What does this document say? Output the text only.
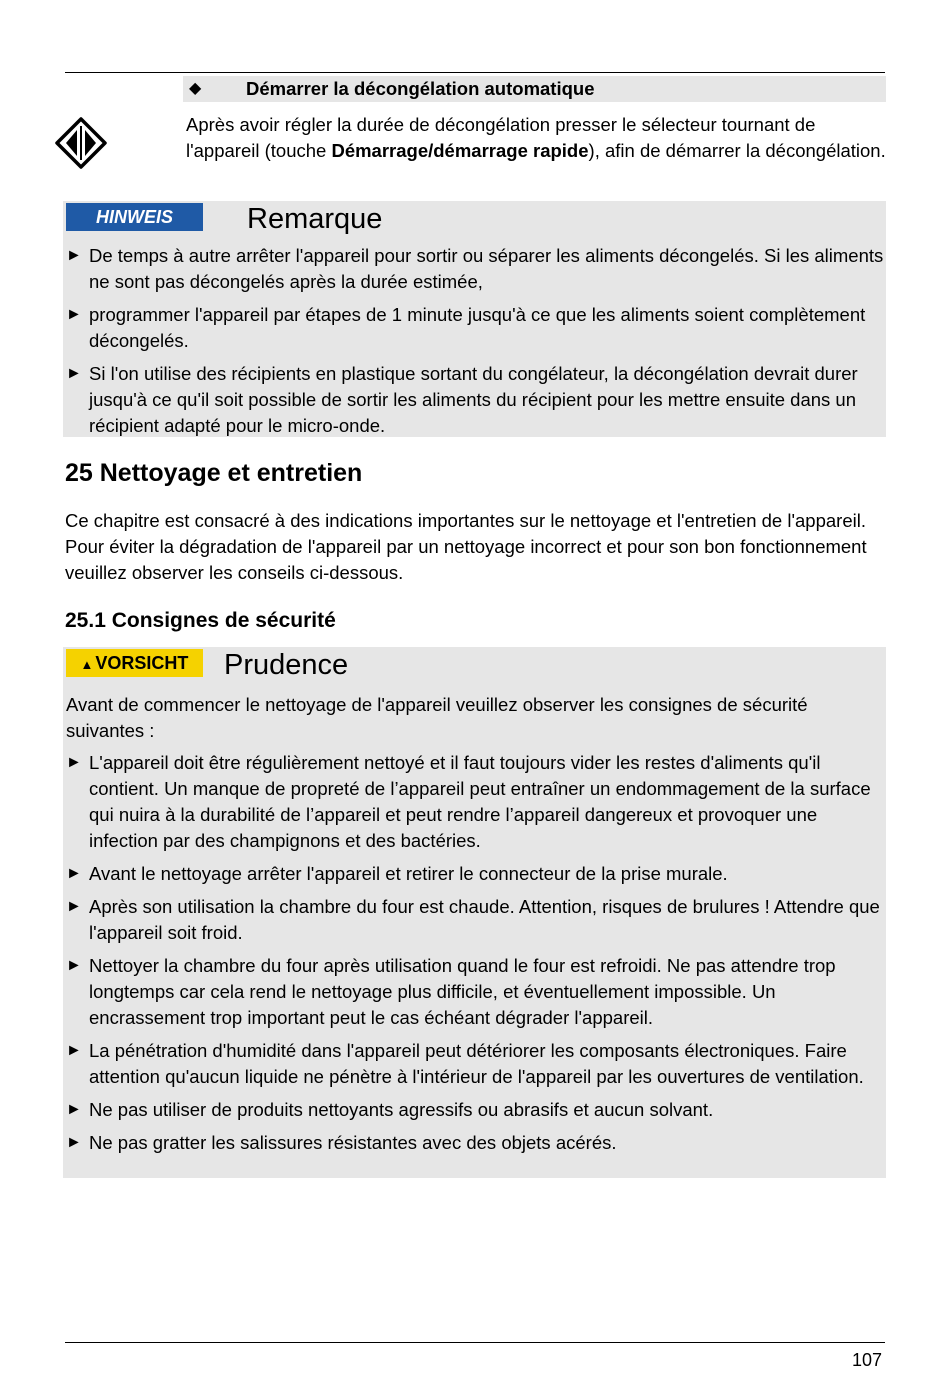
◆ Démarrer la décongélation automatique

Après avoir régler la durée de décongélation presser le sélecteur tournant de l'appareil (touche Démarrage/démarrage rapide), afin de démarrer la décongélation.

HINWEIS	Remarque
► De temps à autre arrêter l'appareil pour sortir ou séparer les aliments décongelés. Si les aliments ne sont pas décongelés après la durée estimée,
► programmer l'appareil par étapes de 1 minute jusqu'à ce que les aliments soient complètement décongelés.
► Si l'on utilise des récipients en plastique sortant du congélateur, la décongélation devrait durer jusqu'à ce qu'il soit possible de sortir les aliments du récipient pour les mettre ensuite dans un récipient adapté pour le micro-onde.
25 Nettoyage et entretien

Ce chapitre est consacré à des indications importantes sur le nettoyage et l'entretien de l'appareil. Pour éviter la dégradation de l'appareil par un nettoyage incorrect et pour son bon fonctionnement veuillez observer les conseils ci-dessous.

25.1 Consignes de sécurité
▲ VORSICHT	Prudence

Avant de commencer le nettoyage de l'appareil veuillez observer les consignes de sécurité suivantes :

► L'appareil doit être régulièrement nettoyé et il faut toujours vider les restes d'aliments qu'il contient. Un manque de propreté de l’appareil peut entraîner un endommagement de la surface qui nuira à la durabilité de l’appareil et peut rendre l’appareil dangereux et provoquer une infection par des champignons et des bactéries.
► Avant le nettoyage arrêter l'appareil et retirer le connecteur de la prise murale.
► Après son utilisation la chambre du four est chaude. Attention, risques de brulures ! Attendre que l'appareil soit froid.
► Nettoyer la chambre du four après utilisation quand le four est refroidi. Ne pas attendre trop longtemps car cela rend le nettoyage plus difficile, et éventuellement impossible. Un encrassement trop important peut le cas échéant dégrader l'appareil.
► La pénétration d'humidité dans l'appareil peut détériorer les composants électroniques. Faire attention qu'aucun liquide ne pénètre à l'intérieur de l'appareil par les ouvertures de ventilation.
► Ne pas utiliser de produits nettoyants agressifs ou abrasifs et aucun solvant.
► Ne pas gratter les salissures résistantes avec des objets acérés.
107
